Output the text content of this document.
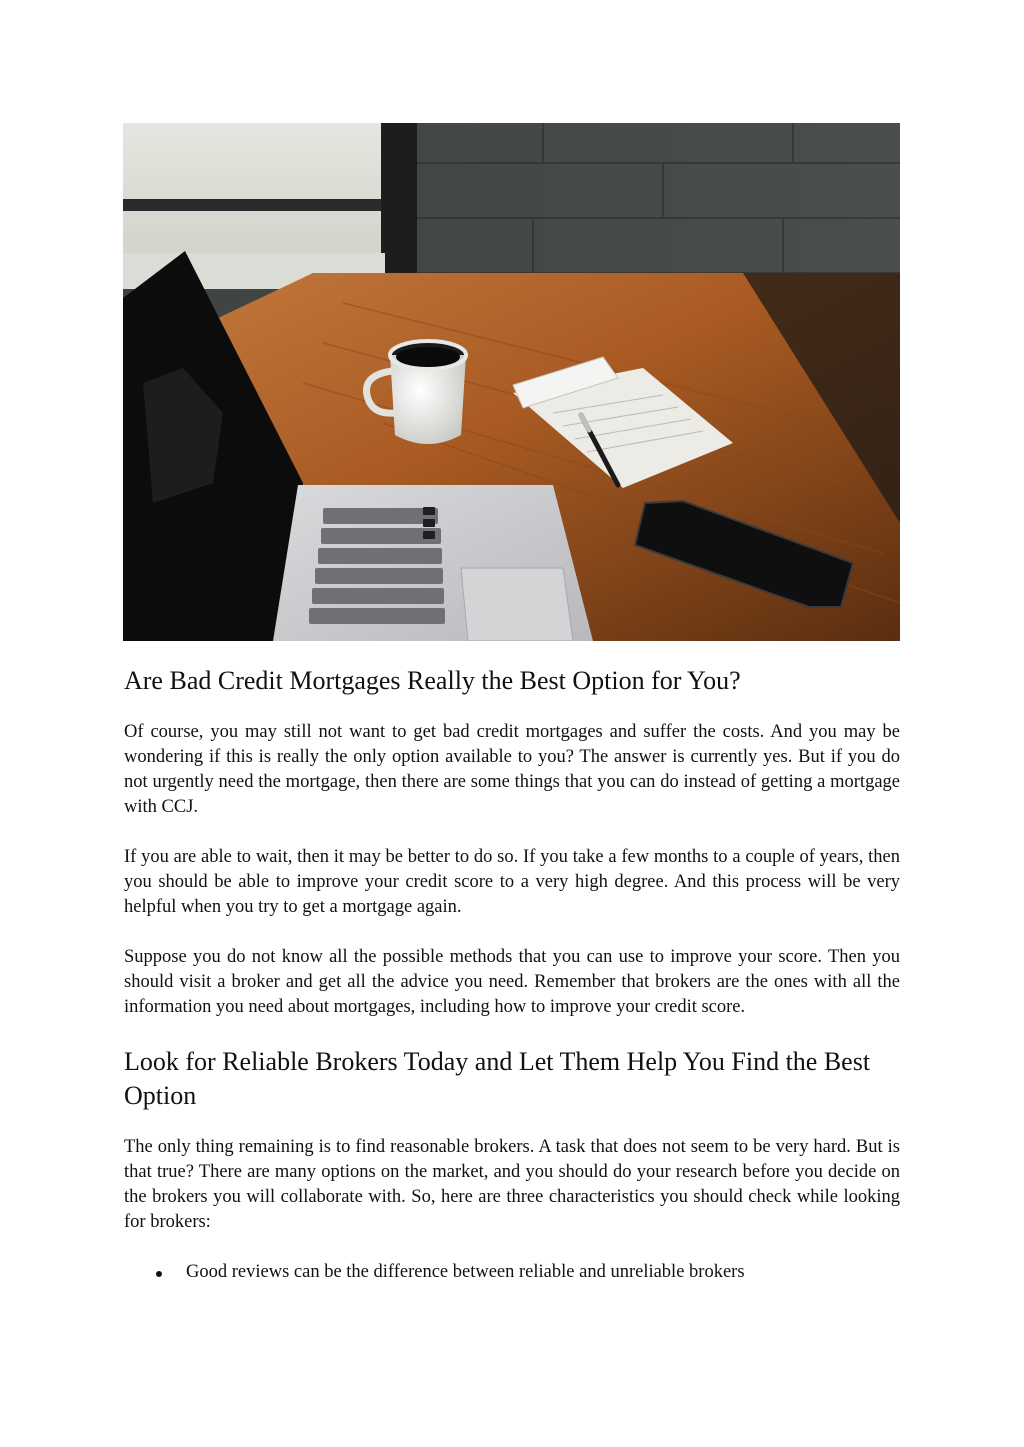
Are Bad Credit Mortgages Really the Best Option for You?

Of course, you may still not want to get bad credit mortgages and suffer the costs. And you may be wondering if this is really the only option available to you? The answer is currently yes. But if you do not urgently need the mortgage, then there are some things that you can do instead of getting a mortgage with CCJ.

If you are able to wait, then it may be better to do so. If you take a few months to a couple of years, then you should be able to improve your credit score to a very high degree. And this process will be very helpful when you try to get a mortgage again.

Suppose you do not know all the possible methods that you can use to improve your score. Then you should visit a broker and get all the advice you need. Remember that brokers are the ones with all the information you need about mortgages, including how to improve your credit score.

Look for Reliable Brokers Today and Let Them Help You Find the Best Option

The only thing remaining is to find reasonable brokers. A task that does not seem to be very hard. But is that true? There are many options on the market, and you should do your research before you decide on the brokers you will collaborate with. So, here are three characteristics you should check while looking for brokers:

Good reviews can be the difference between reliable and unreliable brokers
